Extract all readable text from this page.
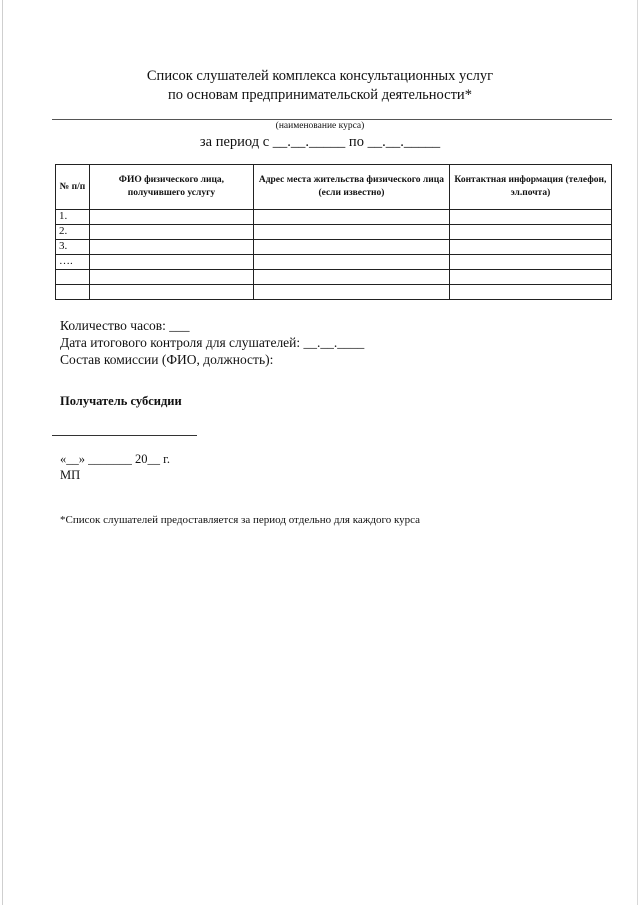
Список слушателей комплекса консультационных услуг
по основам предпринимательской деятельности*
(наименование курса)
за период с __.__._____ по __.__._____
№ п/п	ФИО физического лица, получившего услугу	Адрес места жительства физического лица (если известно)	Контактная информация (телефон, эл.почта)
1.			
2.			
3.			
….			

Количество часов: ___
Дата итогового контроля для слушателей: __.__.____
Состав комиссии (ФИО, должность):
Получатель субсидии
«__» _______ 20__ г.
МП
*Список слушателей предоставляется за период отдельно для каждого курса
